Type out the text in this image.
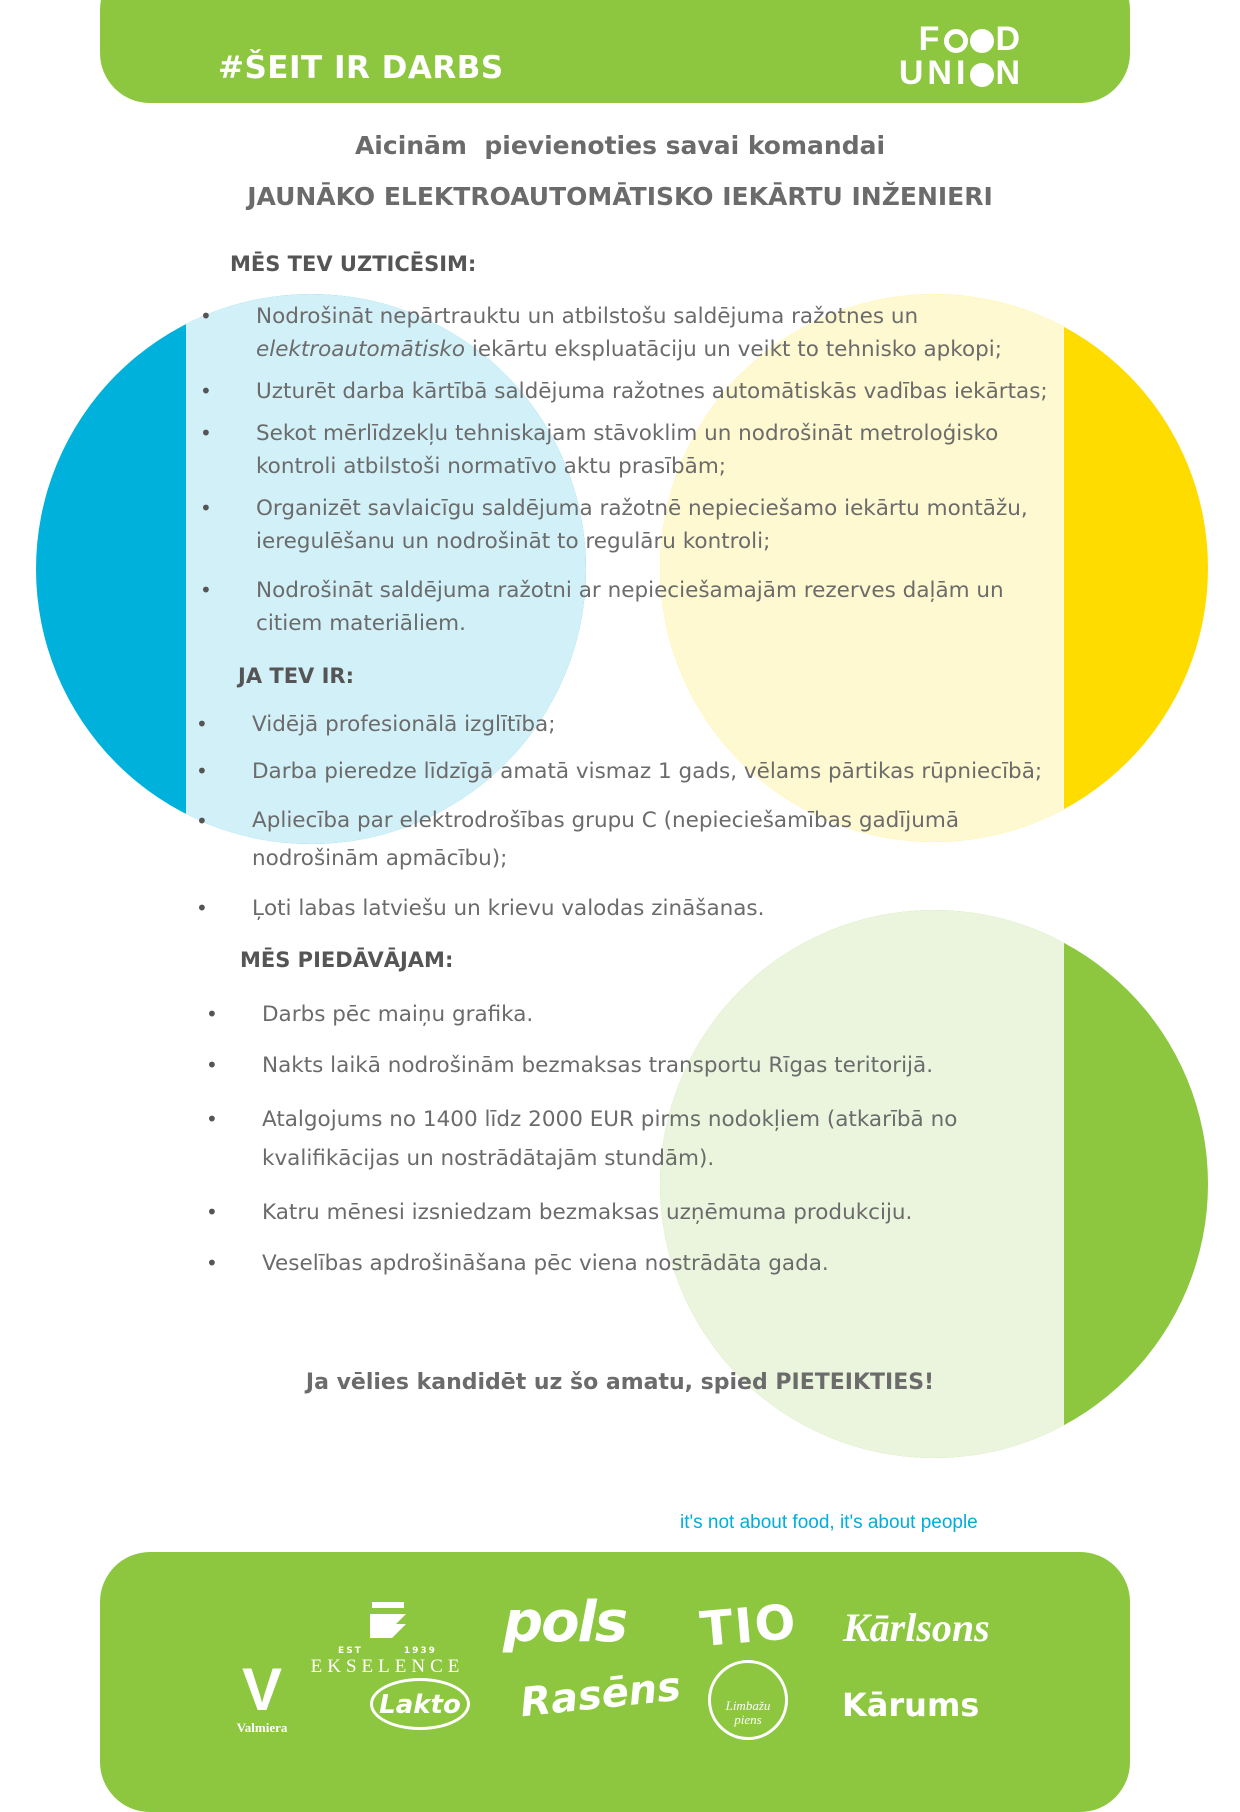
#ŠEIT IR DARBS
F D
UNI N
Aicinām  pievienoties savai komandai
JAUNĀKO ELEKTROAUTOMĀTISKO IEKĀRTU INŽENIERI
MĒS TEV UZTICĒSIM:
• Nodrošināt nepārtrauktu un atbilstošu saldējuma ražotnes un elektroautomātisko iekārtu ekspluatāciju un veikt to tehnisko apkopi;
• Uzturēt darba kārtībā saldējuma ražotnes automātiskās vadības iekārtas;
• Sekot mērlīdzekļu tehniskajam stāvoklim un nodrošināt metroloģisko kontroli atbilstoši normatīvo aktu prasībām;
• Organizēt savlaicīgu saldējuma ražotnē nepieciešamo iekārtu montāžu, ieregulēšanu un nodrošināt to regulāru kontroli;
• Nodrošināt saldējuma ražotni ar nepieciešamajām rezerves daļām un citiem materiāliem.
JA TEV IR:
• Vidējā profesionālā izglītība;
• Darba pieredze līdzīgā amatā vismaz 1 gads, vēlams pārtikas rūpniecībā;
• Apliecība par elektrodrošības grupu C (nepieciešamības gadījumā nodrošinām apmācību);
• Ļoti labas latviešu un krievu valodas zināšanas.
MĒS PIEDĀVĀJAM:
• Darbs pēc maiņu grafika.
• Nakts laikā nodrošinām bezmaksas transportu Rīgas teritorijā.
• Atalgojums no 1400 līdz 2000 EUR pirms nodokļiem (atkarībā no kvalifikācijas un nostrādātajām stundām).
• Katru mēnesi izsniedzam bezmaksas uzņēmuma produkciju.
• Veselības apdrošināšana pēc viena nostrādāta gada.
Ja vēlies kandidēt uz šo amatu, spied PIETEIKTIES!
it's not about food, it's about people
EST        1939
EKSELENCE
pols TIO Kārlsons
V
Valmiera
Lakto Rasēns	Limbažu
piens	Kārums
